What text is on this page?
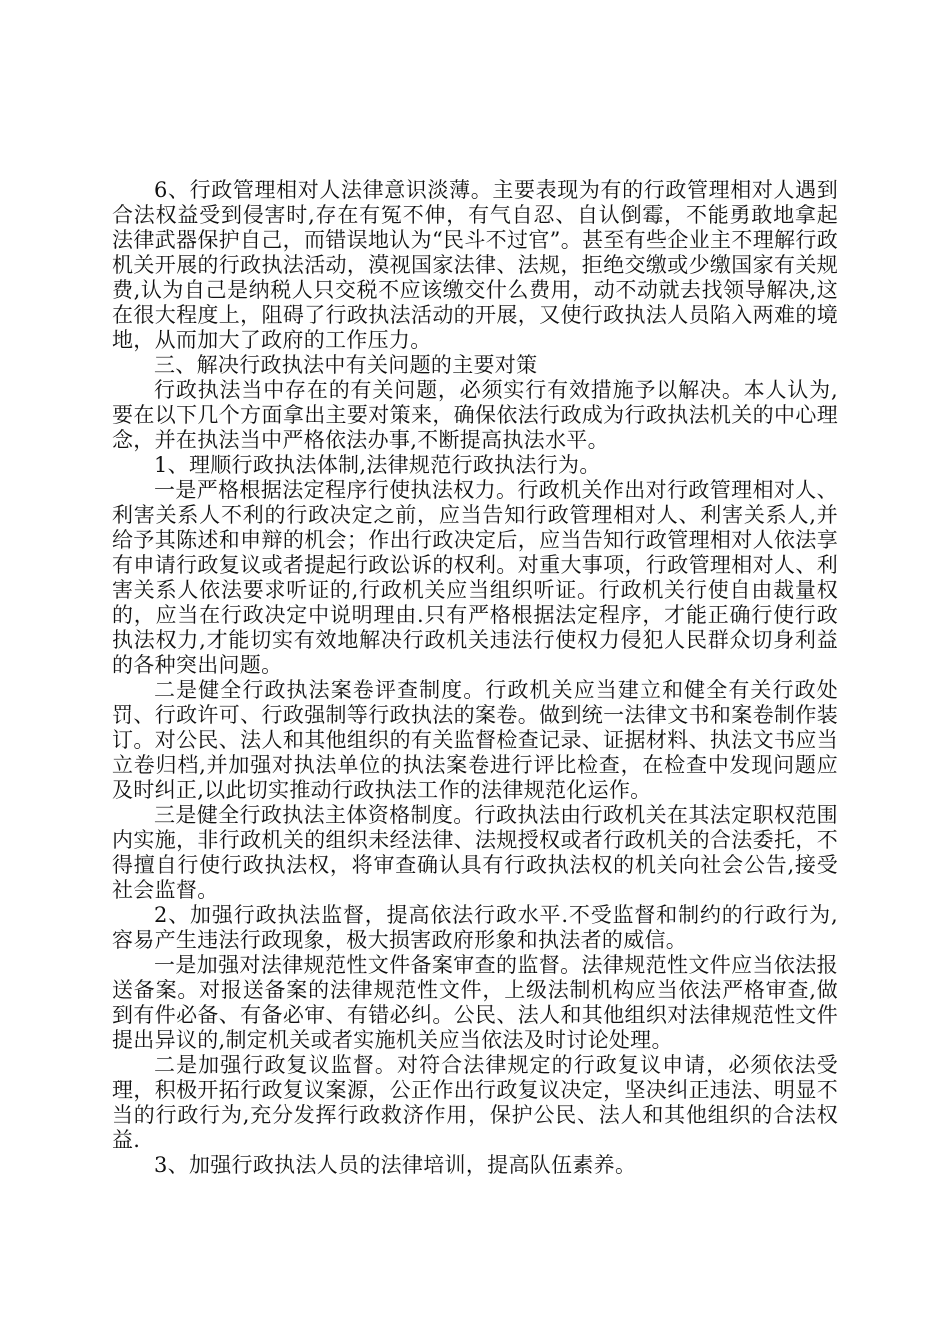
6、行政管理相对人法律意识淡薄。主要表现为有的行政管理相对人遇到合法权益受到侵害时,存在有冤不伸，有气自忍、自认倒霉，不能勇敢地拿起法律武器保护自己，而错误地认为“民斗不过官”。甚至有些企业主不理解行政机关开展的行政执法活动，漠视国家法律、法规，拒绝交缴或少缴国家有关规费,认为自己是纳税人只交税不应该缴交什么费用，动不动就去找领导解决,这在很大程度上，阻碍了行政执法活动的开展，又使行政执法人员陷入两难的境地，从而加大了政府的工作压力。

三、解决行政执法中有关问题的主要对策

行政执法当中存在的有关问题，必须实行有效措施予以解决。本人认为,要在以下几个方面拿出主要对策来，确保依法行政成为行政执法机关的中心理念，并在执法当中严格依法办事,不断提高执法水平。

1、理顺行政执法体制,法律规范行政执法行为。

一是严格根据法定程序行使执法权力。行政机关作出对行政管理相对人、利害关系人不利的行政决定之前，应当告知行政管理相对人、利害关系人,并给予其陈述和申辩的机会；作出行政决定后，应当告知行政管理相对人依法享有申请行政复议或者提起行政讼诉的权利。对重大事项，行政管理相对人、利害关系人依法要求听证的,行政机关应当组织听证。行政机关行使自由裁量权的，应当在行政决定中说明理由.只有严格根据法定程序，才能正确行使行政执法权力,才能切实有效地解决行政机关违法行使权力侵犯人民群众切身利益的各种突出问题。

二是健全行政执法案卷评查制度。行政机关应当建立和健全有关行政处罚、行政许可、行政强制等行政执法的案卷。做到统一法律文书和案卷制作装订。对公民、法人和其他组织的有关监督检查记录、证据材料、执法文书应当立卷归档,并加强对执法单位的执法案卷进行评比检查，在检查中发现问题应及时纠正,以此切实推动行政执法工作的法律规范化运作。

三是健全行政执法主体资格制度。行政执法由行政机关在其法定职权范围内实施，非行政机关的组织未经法律、法规授权或者行政机关的合法委托，不得擅自行使行政执法权，将审查确认具有行政执法权的机关向社会公告,接受社会监督。

2、加强行政执法监督，提高依法行政水平.不受监督和制约的行政行为,容易产生违法行政现象，极大损害政府形象和执法者的威信。

一是加强对法律规范性文件备案审查的监督。法律规范性文件应当依法报送备案。对报送备案的法律规范性文件，上级法制机构应当依法严格审查,做到有件必备、有备必审、有错必纠。公民、法人和其他组织对法律规范性文件提出异议的,制定机关或者实施机关应当依法及时讨论处理。

二是加强行政复议监督。对符合法律规定的行政复议申请，必须依法受理，积极开拓行政复议案源，公正作出行政复议决定，坚决纠正违法、明显不当的行政行为,充分发挥行政救济作用，保护公民、法人和其他组织的合法权益.

3、加强行政执法人员的法律培训，提高队伍素养。
